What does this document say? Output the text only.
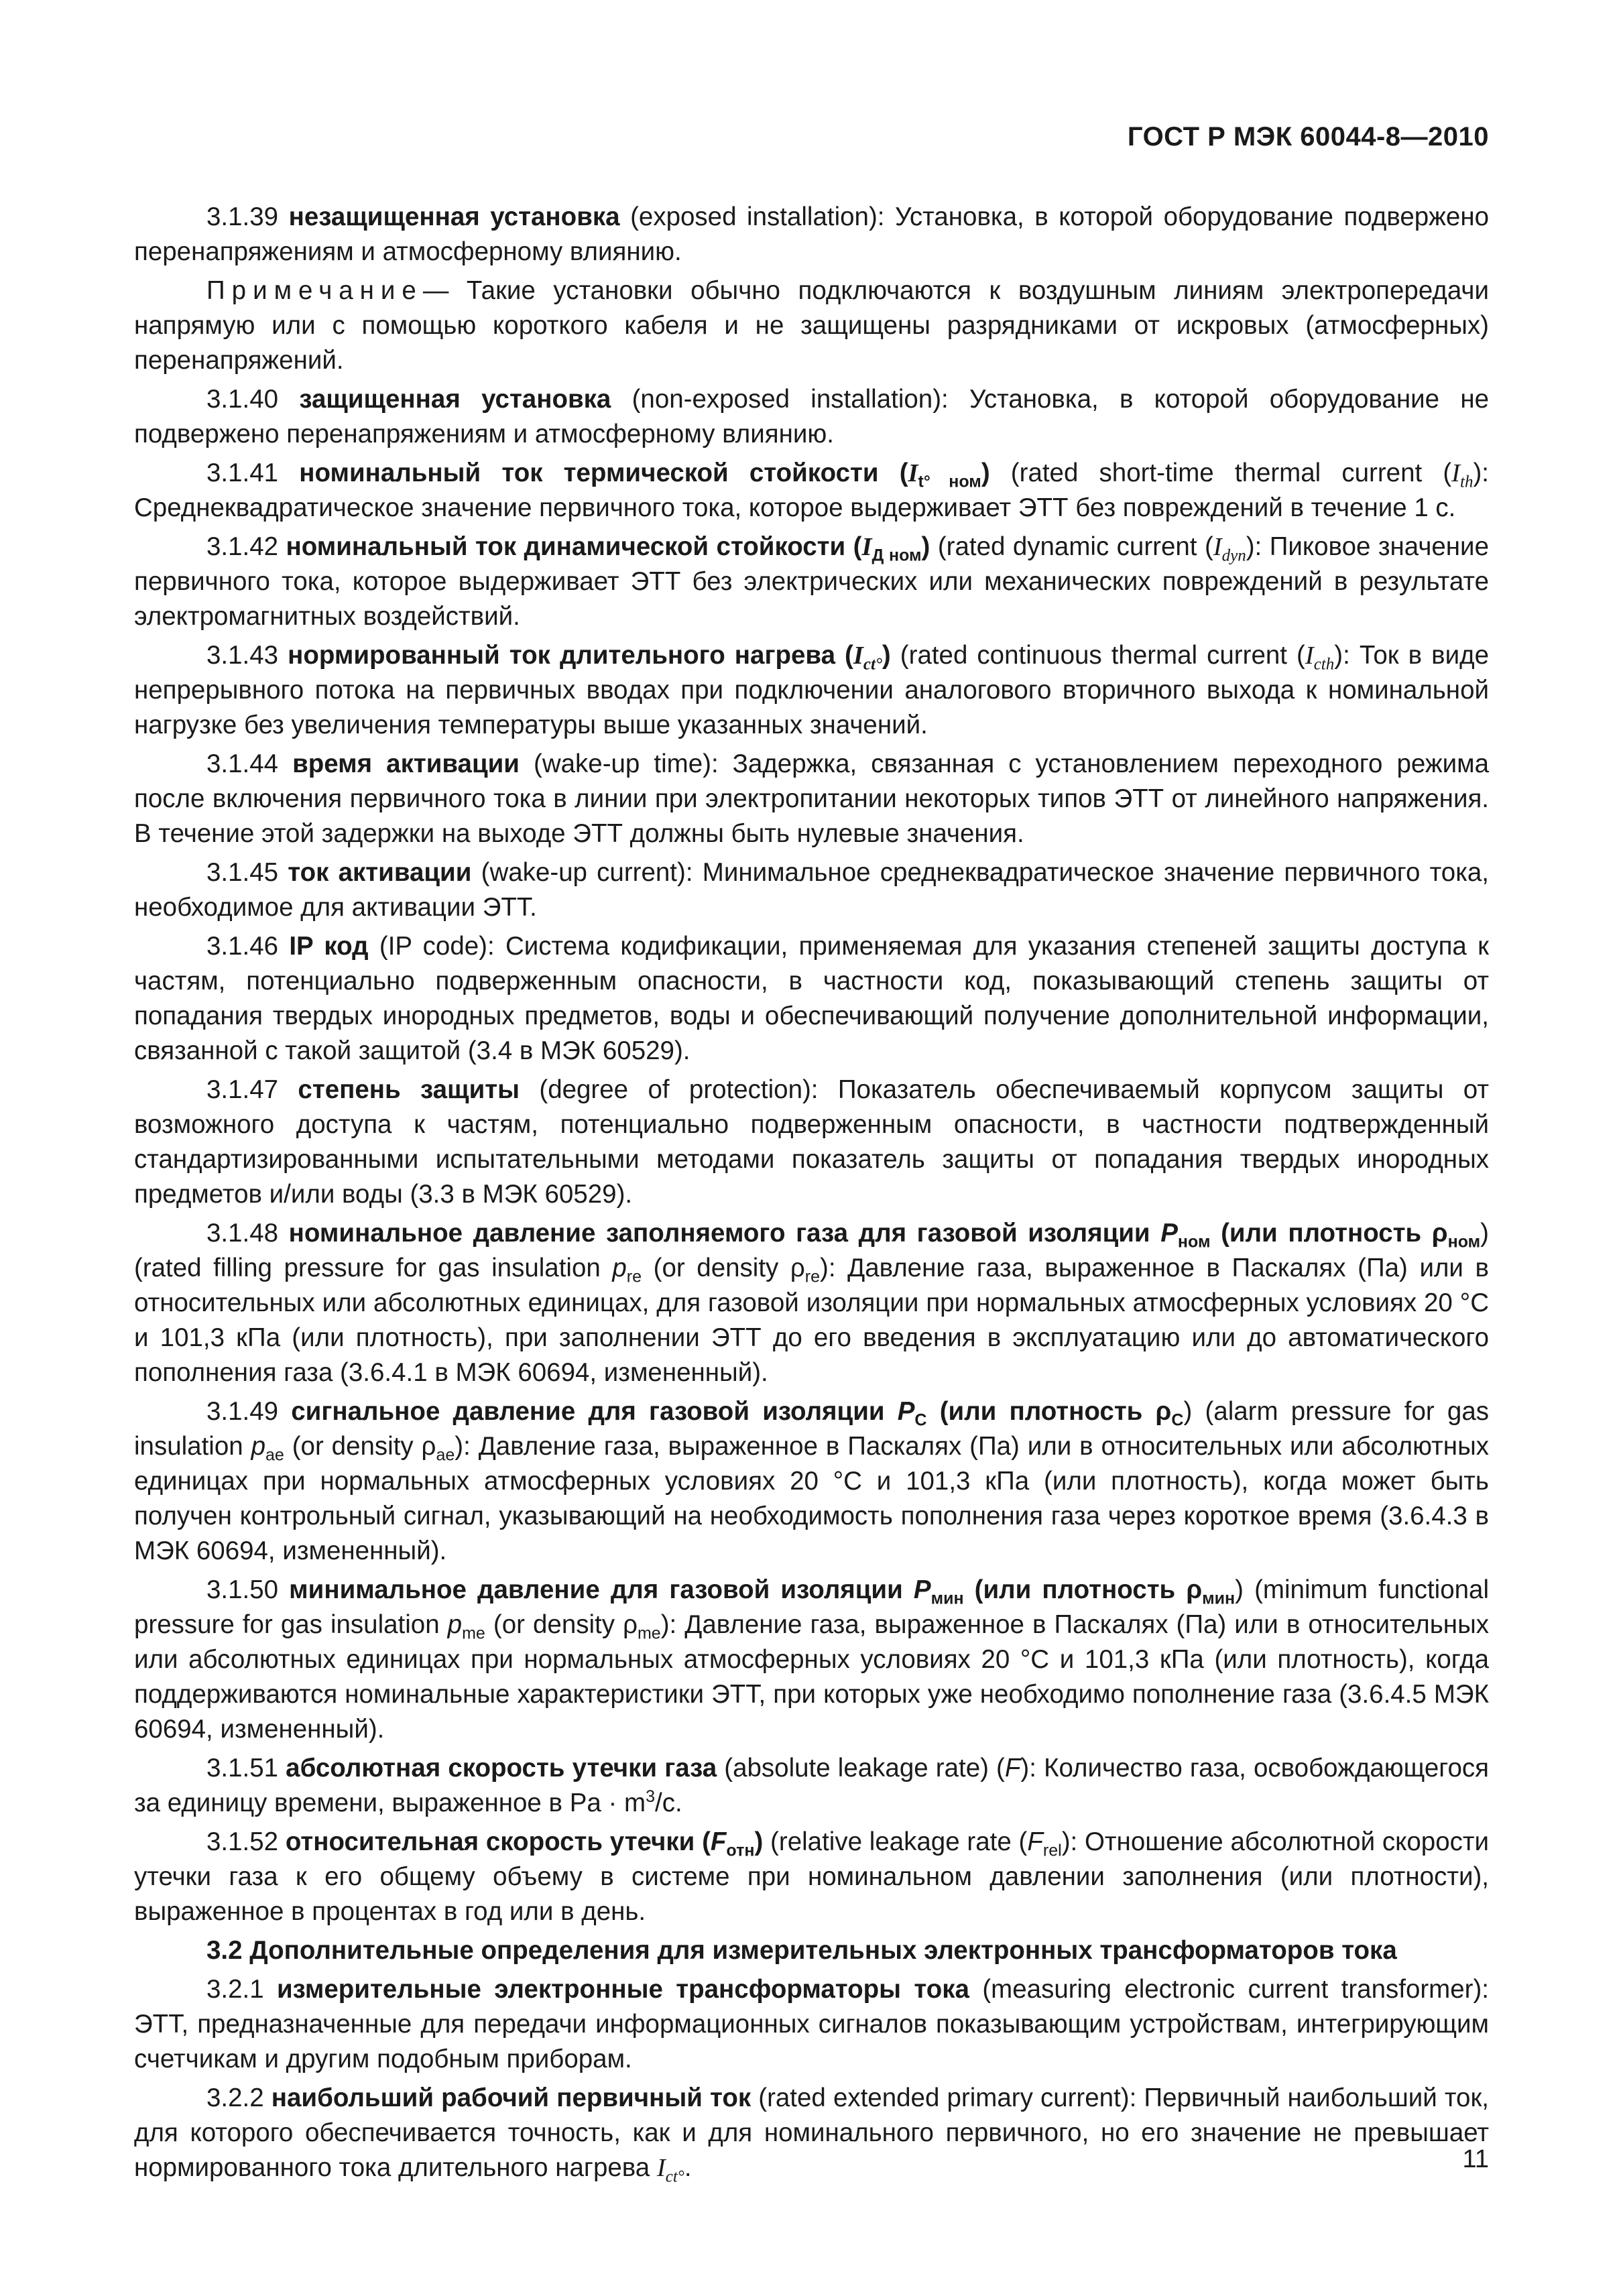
ГОСТ Р МЭК 60044-8—2010

3.1.39 незащищенная установка (exposed installation): Установка, в которой оборудование подвержено перенапряжениям и атмосферному влиянию.

Примечание— Такие установки обычно подключаются к воздушным линиям электропередачи напрямую или с помощью короткого кабеля и не защищены разрядниками от искровых (атмосферных) перенапряжений.

3.1.40 защищенная установка (non-exposed installation): Установка, в которой оборудование не подвержено перенапряжениям и атмосферному влиянию.

3.1.41 номинальный ток термической стойкости $(I_{t^\circ ном})$ (rated short-time thermal current $(I_{th})$: Среднеквадратическое значение первичного тока, которое выдерживает ЭТТ без повреждений в течение 1 с.

3.1.42 номинальный ток динамической стойкости $(I_{Д ном})$ (rated dynamic current $(I_{dyn})$: Пиковое значение первичного тока, которое выдерживает ЭТТ без электрических или механических повреждений в результате электромагнитных воздействий.

3.1.43 нормированный ток длительного нагрева $(I_{ct^\circ})$ (rated continuous thermal current $(I_{cth})$: Ток в виде непрерывного потока на первичных вводах при подключении аналогового вторичного выхода к номинальной нагрузке без увеличения температуры выше указанных значений.

3.1.44 время активации (wake-up time): Задержка, связанная с установлением переходного режима после включения первичного тока в линии при электропитании некоторых типов ЭТТ от линейного напряжения. В течение этой задержки на выходе ЭТТ должны быть нулевые значения.

3.1.45 ток активации (wake-up current): Минимальное среднеквадратическое значение первичного тока, необходимое для активации ЭТТ.

3.1.46 IP код (IP code): Система кодификации, применяемая для указания степеней защиты доступа к частям, потенциально подверженным опасности, в частности код, показывающий степень защиты от попадания твердых инородных предметов, воды и обеспечивающий получение дополнительной информации, связанной с такой защитой (3.4 в МЭК 60529).

3.1.47 степень защиты (degree of protection): Показатель обеспечиваемый корпусом защиты от возможного доступа к частям, потенциально подверженным опасности, в частности подтвержденный стандартизированными испытательными методами показатель защиты от попадания твердых инородных предметов и/или воды (3.3 в МЭК 60529).

3.1.48 номинальное давление заполняемого газа для газовой изоляции $P_{ном}$ (или плотность $\rho_{ном}$) (rated filling pressure for gas insulation $p_{re}$ (or density $\rho_{re}$): Давление газа, выраженное в Паскалях (Па) или в относительных или абсолютных единицах, для газовой изоляции при нормальных атмосферных условиях 20 °С и 101,3 кПа (или плотность), при заполнении ЭТТ до его введения в эксплуатацию или до автоматического пополнения газа (3.6.4.1 в МЭК 60694, измененный).

3.1.49 сигнальное давление для газовой изоляции $P_С$ (или плотность $\rho_С$) (alarm pressure for gas insulation $p_{ae}$ (or density $\rho_{ae}$): Давление газа, выраженное в Паскалях (Па) или в относительных или абсолютных единицах при нормальных атмосферных условиях 20 °С и 101,3 кПа (или плотность), когда может быть получен контрольный сигнал, указывающий на необходимость пополнения газа через короткое время (3.6.4.3 в МЭК 60694, измененный).

3.1.50 минимальное давление для газовой изоляции $P_{мин}$ (или плотность $\rho_{мин}$) (minimum functional pressure for gas insulation $p_{me}$ (or density $\rho_{me}$): Давление газа, выраженное в Паскалях (Па) или в относительных или абсолютных единицах при нормальных атмосферных условиях 20 °С и 101,3 кПа (или плотность), когда поддерживаются номинальные характеристики ЭТТ, при которых уже необходимо пополнение газа (3.6.4.5 МЭК 60694, измененный).

3.1.51 абсолютная скорость утечки газа (absolute leakage rate) (F): Количество газа, освобождающегося за единицу времени, выраженное в $Pa \cdot m^3/с$.

3.1.52 относительная скорость утечки $(F_{отн})$ (relative leakage rate $(F_{rel})$: Отношение абсолютной скорости утечки газа к его общему объему в системе при номинальном давлении заполнения (или плотности), выраженное в процентах в год или в день.

3.2 Дополнительные определения для измерительных электронных трансформаторов тока

3.2.1 измерительные электронные трансформаторы тока (measuring electronic current transformer): ЭТТ, предназначенные для передачи информационных сигналов показывающим устройствам, интегрирующим счетчикам и другим подобным приборам.

3.2.2 наибольший рабочий первичный ток (rated extended primary current): Первичный наибольший ток, для которого обеспечивается точность, как и для номинального первичного, но его значение не превышает нормированного тока длительного нагрева $I_{ct^\circ}$.	11
